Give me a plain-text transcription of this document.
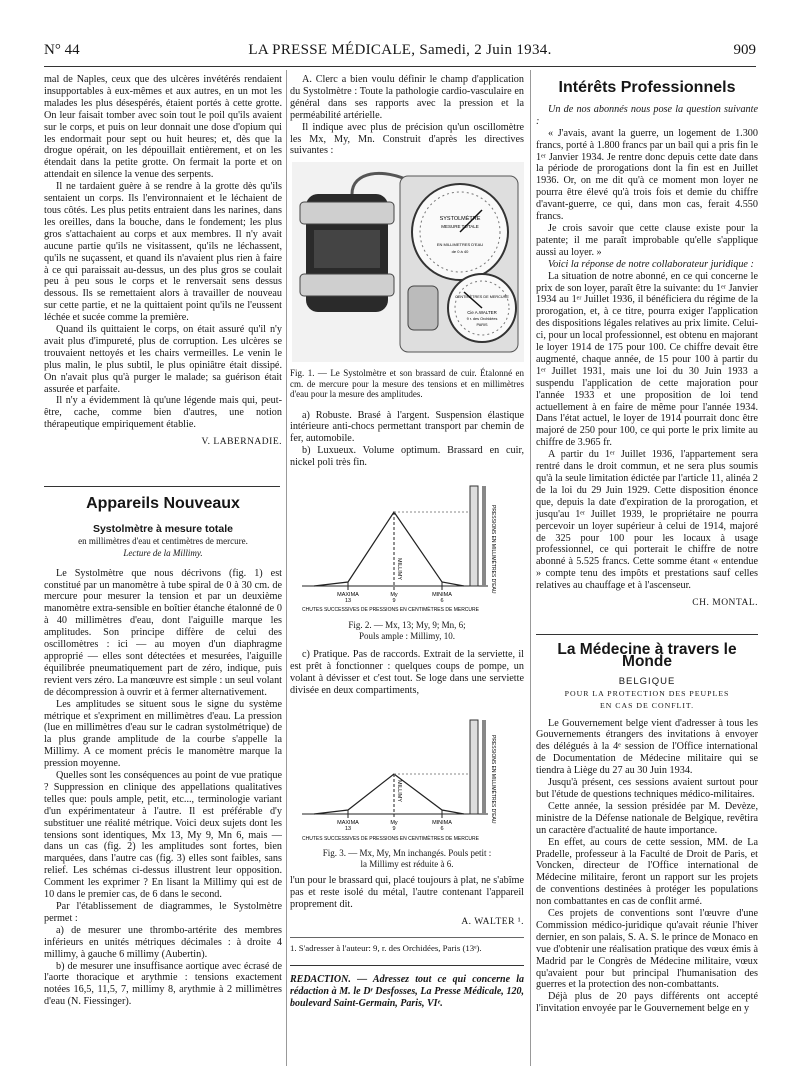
N° 44	LA PRESSE MÉDICALE, Samedi, 2 Juin 1934.	909

mal de Naples, ceux que des ulcères invétérés rendaient insupportables à eux-mêmes et aux autres, en un mot les malades les plus désespérés, étaient portés à cette grotte. On leur faisait tomber avec soin tout le poil qu'ils avaient sur le corps, et puis on leur donnait une dose d'opium qui les endormait pour sept ou huit heures; et, dès que la drogue opérait, on les dépouillait entièrement, et on les étendait dans la petite grotte. On fermait la porte et on attendait en silence la venue des serpents.

Il ne tardaient guère à se rendre à la grotte dès qu'ils sentaient un corps. Ils l'environnaient et le léchaient de tous côtés. Les plus petits entraient dans les narines, dans les oreilles, dans la bouche, dans le fondement; les plus gros s'attachaient au corps et aux membres. Il n'y avait aucune partie qu'ils ne visitassent, qu'ils ne léchassent, qu'ils ne suçassent, et quand ils n'avaient plus rien à faire à ce qui paraissait au-dessus, un des plus gros se coulait peu à peu sous le corps et le renversait sens dessus dessous. Ils se remettaient alors à travailler de nouveau sur cette partie, et ne la quittaient point qu'ils ne l'eussent léchée et sucée comme la première.

Quand ils quittaient le corps, on était assuré qu'il n'y avait plus d'impureté, plus de corruption. Les ulcères se trouvaient nettoyés et les chairs vermeilles. Le venin le plus malin, le plus subtil, le plus opiniâtre était dissipé. On n'avait plus qu'à purger le malade; sa guérison était assurée et parfaite.

Il n'y a évidemment là qu'une légende mais qui, peut-être, cache, comme bien d'autres, une notion thérapeutique empiriquement établie.

V. LABERNADIE.
Appareils Nouveaux
Systolmètre à mesure totale
en millimètres d'eau et centimètres de mercure.
Lecture de la Millimy.

Le Systolmètre que nous décrivons (fig. 1) est constitué par un manomètre à tube spiral de 0 à 30 cm. de mercure pour mesurer la tension et par un deuxième manomètre extra-sensible en boîtier étanche étalonné de 0 à 40 millimètres d'eau, dont l'aiguille marque les amplitudes. Son principe diffère de celui des oscillomètres : ici — au moyen d'un diaphragme approprié — elles sont détectées et mesurées, l'aiguille équilibrée pneumatiquement part de zéro, indique, puis revient vers zéro. La manœuvre est simple : un seul volant de décompression à ouvrir et à fermer alternativement.

Les amplitudes se situent sous le signe du système métrique et s'expriment en millimètres d'eau. La pression (lue en millimètres d'eau sur le cadran systolmétrique) de la plus grande amplitude de la courbe s'appelle la Millimy. A ce moment précis le manomètre marque la pression moyenne.

Quelles sont les conséquences au point de vue pratique ? Suppression en clinique des appellations qualitatives telles que: pouls ample, petit, etc..., terminologie variant d'un expérimentateur à l'autre. Il est préférable d'y substituer une réalité métrique. Voici deux sujets dont les tensions sont identiques, Mx 13, My 9, Mn 6, mais — dans un cas (fig. 2) les amplitudes sont fortes, bien marquées, dans l'autre cas (fig. 3) elles sont faibles, sans relief. Les schémas ci-dessus illustrent leur opposition. Comment les exprimer ? En lisant la Millimy qui est de 10 dans le premier cas, de 6 dans le second.

Par l'établissement de diagrammes, le Systolmètre permet :

a) de mesurer une thrombo-artérite des membres inférieurs en unités métriques décimales : à droite 4 millimy, à gauche 6 millimy (Aubertin).

b) de mesurer une insuffisance aortique avec écrasé de l'aorte thoracique et arythmie : tensions exactement notées 16,5, 11,5, 7, millimy 8, arythmie à 2 millimètres d'eau (N. Fiessinger).

A. Clerc a bien voulu définir le champ d'application du Systolmètre : Toute la pathologie cardio-vasculaire en général dans ses rapports avec la pression et la perméabilité artérielle.

Il indique avec plus de précision qu'un oscillomètre les Mx, My, Mn. Construit d'après les directives suivantes :

SYSTOLMÈTRE
MESURE TOTALE
EN MILLIMETRES D'EAU
de 0 à 40
CENTIMÈTRES DE MERCURE
Cie A.WALTER
9 r. des Orchidées
PARIS
Fig. 1. — Le Systolmètre et son brassard de cuir. Étalonné en cm. de mercure pour la mesure des tensions et en millimètres d'eau pour la mesure des amplitudes.

a) Robuste. Brasé à l'argent. Suspension élastique intérieure anti-chocs permettant transport par chemin de fer, automobile.

b) Luxueux. Volume optimum. Brassard en cuir, nickel poli très fin.

PRESSIONS EN MILLIMÈTRES D'EAU
MILLIMY
MAXIMA	My	MINIMA
13	9	6
CHUTES SUCCESSIVES DE PRESSIONS EN CENTIMÈTRES DE MERCURE
Fig. 2. — Mx, 13; My, 9; Mn, 6;
Pouls ample : Millimy, 10.

c) Pratique. Pas de raccords. Extrait de la serviette, il est prêt à fonctionner : quelques coups de pompe, un volant à dévisser et c'est tout. Se loge dans une serviette divisée en deux compartiments,

PRESSIONS EN MILLIMÈTRES D'EAU
MILLIMY
MAXIMA	My	MINIMA
13	9	6
CHUTES SUCCESSIVES DE PRESSIONS EN CENTIMÈTRES DE MERCURE
Fig. 3. — Mx, My, Mn inchangés. Pouls petit :
la Millimy est réduite à 6.

l'un pour le brassard qui, placé toujours à plat, ne s'abîme pas et reste isolé du métal, l'autre contenant l'appareil proprement dit.

A. WALTER ¹.
1. S'adresser à l'auteur: 9, r. des Orchidées, Paris (13ᵉ).
REDACTION. — Adressez tout ce qui concerne la rédaction à M. le Dʳ Desfosses, La Presse Médicale, 120, boulevard Saint-Germain, Paris, VIᵉ.
Intérêts Professionnels

Un de nos abonnés nous pose la question suivante :

« J'avais, avant la guerre, un logement de 1.300 francs, porté à 1.800 francs par un bail qui a pris fin le 1ᵉʳ Janvier 1934. Je rentre donc depuis cette date dans la période de prorogations dont la fin est en Juillet 1936. Or, on me dit qu'à ce moment mon loyer ne pourra être élevé qu'à trois fois et demie du chiffre d'avant-guerre, ce qui, dans mon cas, ferait 4.550 francs.

Je crois savoir que cette clause existe pour la patente; il me paraît improbable qu'elle s'applique aussi au loyer. »

Voici la réponse de notre collaborateur juridique :

La situation de notre abonné, en ce qui concerne le prix de son loyer, paraît être la suivante: du 1ᵉʳ Janvier 1934 au 1ᵉʳ Juillet 1936, il bénéficiera du régime de la prorogation, et, à ce titre, pourra exiger l'application des dispositions légales relatives au prix limite. Celui-ci, pour un local professionnel, est obtenu en majorant le loyer 1914 de 175 pour 100. Ce chiffre devait être augmenté, chaque année, de 15 pour 100 à partir du 1ᵉʳ Juillet 1931, mais une loi du 30 Juin 1933 a suspendu l'application de cette majoration pour l'année 1933 et une proposition de loi tend actuellement à en faire de même pour l'année 1934. Dans l'état actuel, le loyer de 1914 pourrait donc être majoré de 250 pour 100, ce qui porte le prix limite au chiffre de 3.965 fr.

A partir du 1ᵉʳ Juillet 1936, l'appartement sera rentré dans le droit commun, et ne sera plus soumis qu'à la seule limitation édictée par l'article 11, alinéa 2 de la loi du 29 Juin 1929. Cette disposition énonce que, depuis la date d'expiration de la prorogation, et jusqu'au 1ᵉʳ Juillet 1939, le propriétaire ne pourra percevoir un loyer supérieur à celui de 1914, majoré de 325 pour 100 pour les locaux à usage professionnel, ce qui porterait le chiffre de notre abonné à 5.525 francs. Cette somme étant « entendue » compte tenu des impôts et prestations sauf celles relatives au chauffage et à l'ascenseur.

CH. MONTAL.
La Médecine à travers le Monde
BELGIQUE
POUR LA PROTECTION DES PEUPLES
EN CAS DE CONFLIT.

Le Gouvernement belge vient d'adresser à tous les Gouvernements étrangers des invitations à envoyer des délégués à la 4ᵉ session de l'Office international de Documentation de Médecine militaire qui se tiendra à Liège du 27 au 30 Juin 1934.

Jusqu'à présent, ces sessions avaient surtout pour but l'étude de questions techniques médico-militaires.

Cette année, la session présidée par M. Devèze, ministre de la Défense nationale de Belgique, revêtira un caractère d'actualité de haute importance.

En effet, au cours de cette session, MM. de La Pradelle, professeur à la Faculté de Droit de Paris, et Voncken, directeur de l'Office international de Médecine militaire, feront un rapport sur les projets de conventions destinées à protéger les populations non combattantes en cas de conflit armé.

Ces projets de conventions sont l'œuvre d'une Commission médico-juridique qu'avait réunie l'hiver dernier, en son palais, S. A. S. le prince de Monaco en vue d'obtenir une réalisation pratique des vœux émis à Madrid par le Congrès de Médecine militaire, vœux qu'avaient pour but principal l'humanisation des guerres et la protection des non-combattants.

Déjà plus de 20 pays différents ont accepté l'invitation envoyée par le Gouvernement belge en y
